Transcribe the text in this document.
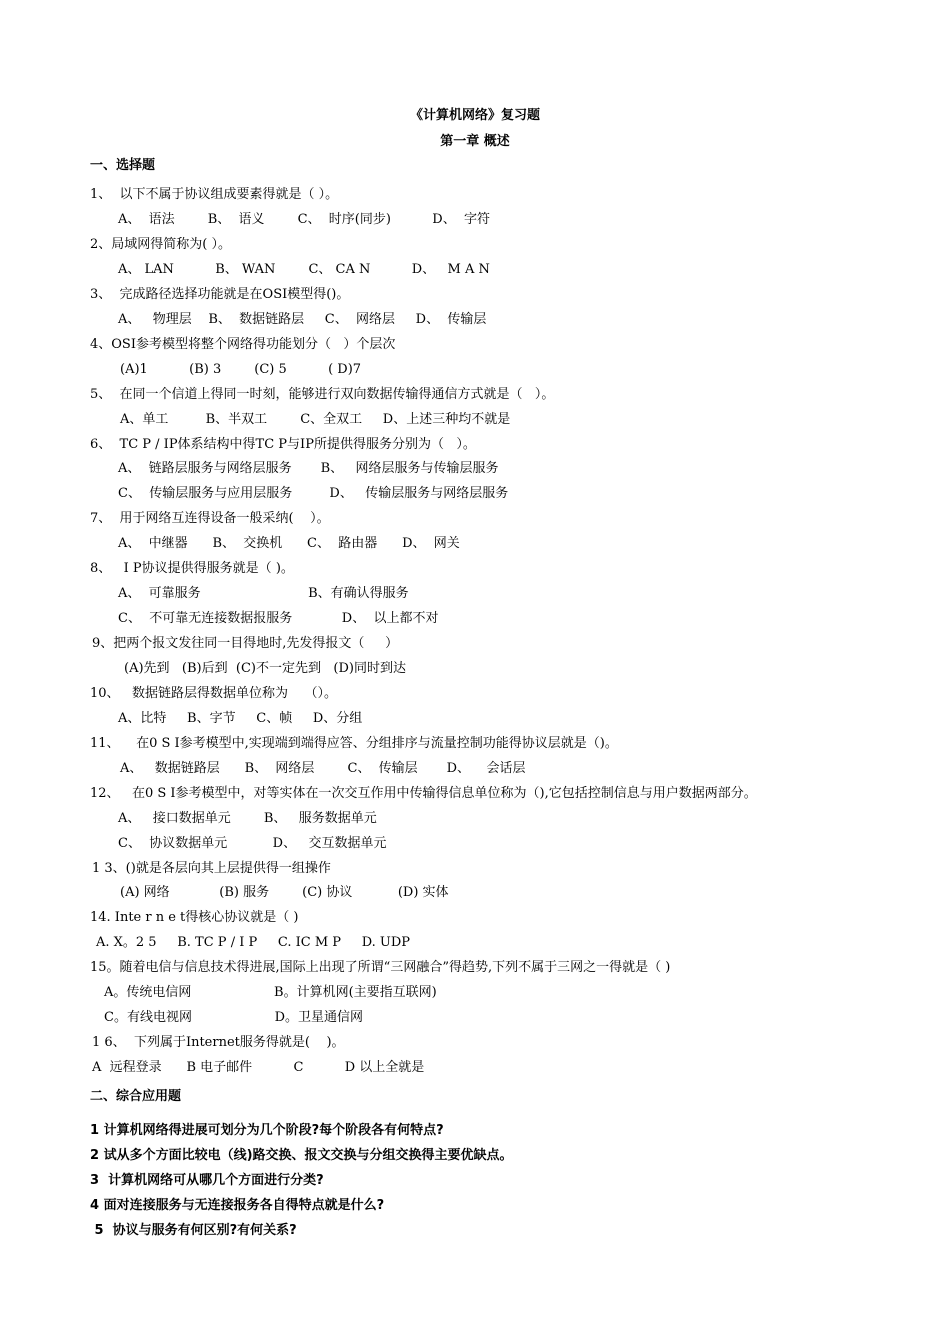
《计算机网络》复习题
第一章 概述
一、选择题
1、  以下不属于协议组成要素得就是（ ）。
A、  语法        B、  语义        C、  时序(同步)          D、  字符
2、局域网得简称为( ）。
A、 LAN          B、 WAN        C、 CA N          D、   M A N
3、  完成路径选择功能就是在OSI模型得()。
A、   物理层    B、  数据链路层     C、  网络层     D、  传输层
4、OSI参考模型将整个网络得功能划分（   ）个层次
(A)1          (B) 3        (C) 5          ( D)7
5、  在同一个信道上得同一时刻，能够进行双向数据传输得通信方式就是（   ）。
A、单工         B、半双工        C、全双工     D、上述三种均不就是
6、  TC P / IP体系结构中得TC P与IP所提供得服务分别为（   ）。
A、  链路层服务与网络层服务       B、   网络层服务与传输层服务
C、  传输层服务与应用层服务         D、   传输层服务与网络层服务
7、  用于网络互连得设备一般采纳(    ）。
A、  中继器      B、  交换机      C、  路由器      D、  网关
8、   I P协议提供得服务就是（ )。
A、  可靠服务                          B、有确认得服务
C、  不可靠无连接数据报服务            D、  以上都不对
9、把两个报文发往同一目得地时,先发得报文（     ）
(A)先到   (B)后到  (C)不一定先到   (D)同时到达
10、   数据链路层得数据单位称为    （）。
A、比特     B、字节     C、帧     D、分组
11、    在0 S I参考模型中,实现端到端得应答、分组排序与流量控制功能得协议层就是（)。
A、   数据链路层      B、  网络层        C、  传输层       D、    会话层
12、   在0 S I参考模型中，对等实体在一次交互作用中传输得信息单位称为（),它包括控制信息与用户数据两部分。
A、   接口数据单元        B、   服务数据单元
C、  协议数据单元           D、   交互数据单元
1 3、()就是各层向其上层提供得一组操作
(A) 网络            (B) 服务        (C) 协议           (D) 实体
14. Inte r n e t得核心协议就是（ )
A. X。2 5     B. TC P / I P     C. IC M P     D. UDP
15。随着电信与信息技术得进展,国际上出现了所谓“三网融合”得趋势,下列不属于三网之一得就是（ )
A。传统电信网                    B。计算机网(主要指互联网)
C。有线电视网                    D。卫星通信网
1 6、  下列属于Internet服务得就是(    )。
A  远程登录      B 电子邮件          C          D 以上全就是
二、综合应用题
1 计算机网络得进展可划分为几个阶段?每个阶段各有何特点?
2 试从多个方面比较电（线)路交换、报文交换与分组交换得主要优缺点。
3  计算机网络可从哪几个方面进行分类?
4 面对连接服务与无连接报务各自得特点就是什么?
5  协议与服务有何区别?有何关系?
